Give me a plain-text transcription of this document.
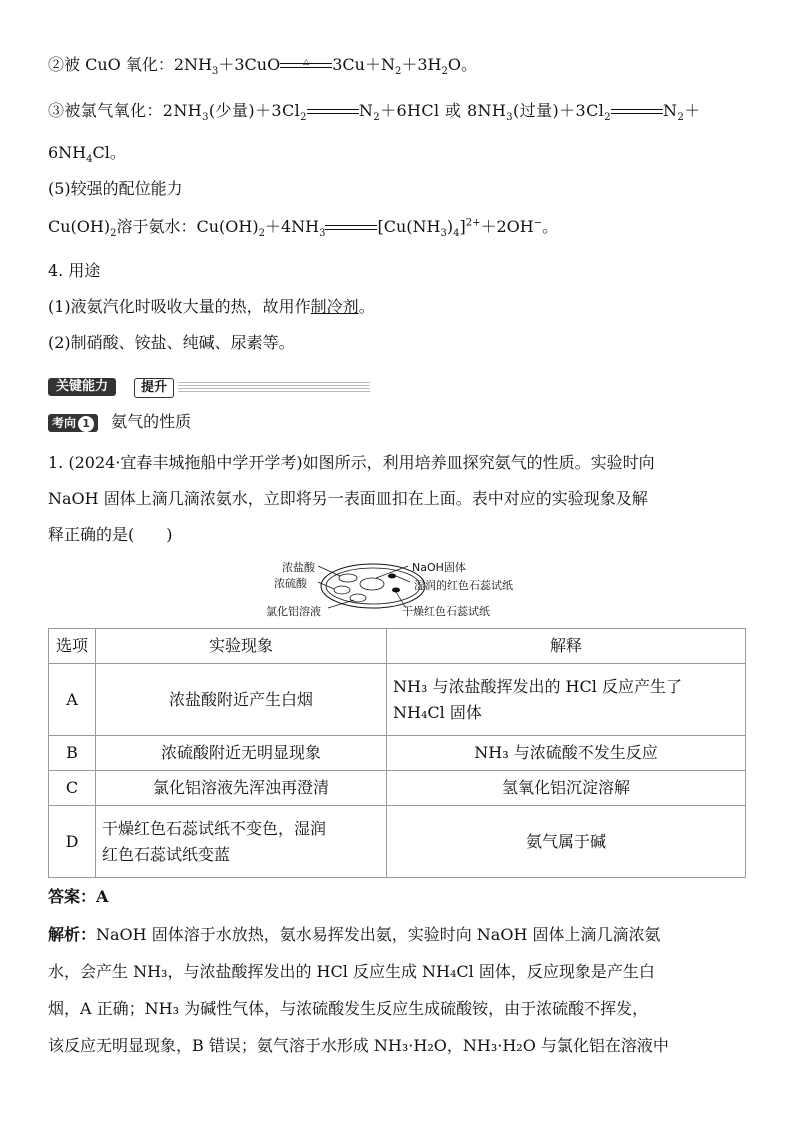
②被 CuO 氧化：$2NH_3+3CuO$	△	$3Cu+N_2+3H_2O$。
③被氯气氧化：$2NH_3$(少量)$+3Cl_2$	$N_2+6HCl$ 或 $8NH_3$(过量)$+3Cl_2$	$N_2+$
$6NH_4Cl$。
(5)较强的配位能力
$Cu(OH)_2$溶于氨水：$Cu(OH)_2+4NH_3$	$[Cu(NH_3)_4]^{2+}+2OH^-$。
4. 用途
(1)液氨汽化时吸收大量的热，故用作制冷剂。
(2)制硝酸、铵盐、纯碱、尿素等。
关键能力	提升
考向 1 氨气的性质
1. (2024·宜春丰城拖船中学开学考)如图所示，利用培养皿探究氨气的性质。实验时向
NaOH 固体上滴几滴浓氨水，立即将另一表面皿扣在上面。表中对应的实验现象及解
释正确的是(　　)
浓盐酸
浓硫酸
氯化铝溶液
NaOH固体
湿润的红色石蕊试纸
干燥红色石蕊试纸
选项	实验现象	解释
A	浓盐酸附近产生白烟	NH₃ 与浓盐酸挥发出的 HCl 反应产生了
NH₄Cl 固体

B	浓硫酸附近无明显现象	NH₃ 与浓硫酸不发生反应
C	氯化铝溶液先浑浊再澄清	氢氧化铝沉淀溶解
D	干燥红色石蕊试纸不变色，湿润
红色石蕊试纸变蓝	氨气属于碱
答案：A
解析：NaOH 固体溶于水放热，氨水易挥发出氨，实验时向 NaOH 固体上滴几滴浓氨
水，会产生 NH₃，与浓盐酸挥发出的 HCl 反应生成 NH₄Cl 固体，反应现象是产生白
烟，A 正确；NH₃ 为碱性气体，与浓硫酸发生反应生成硫酸铵，由于浓硫酸不挥发，
该反应无明显现象，B 错误；氨气溶于水形成 NH₃·H₂O，NH₃·H₂O 与氯化铝在溶液中
